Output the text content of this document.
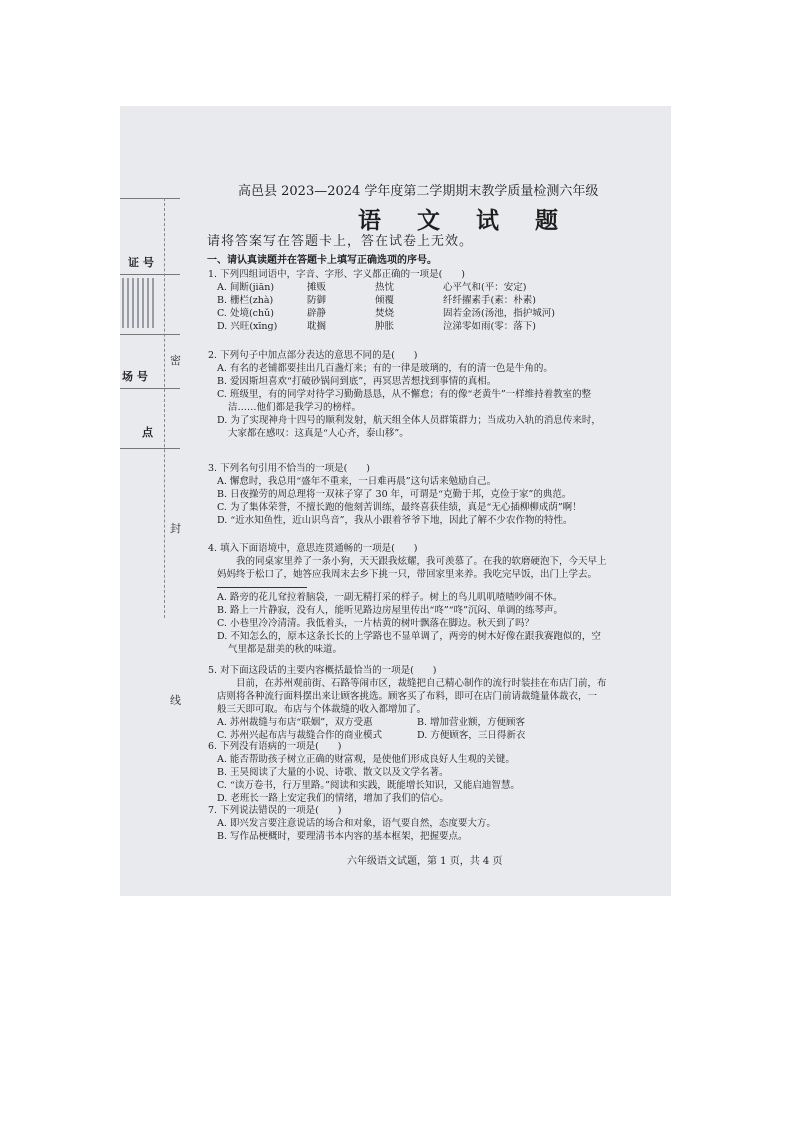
证 号
场 号
点
密
封
线
高邑县 2023—2024 学年度第二学期期末教学质量检测六年级
语 文 试 题
请将答案写在答题卡上，答在试卷上无效。
一、请认真读题并在答题卡上填写正确选项的序号。
1. 下列四组词语中，字音、字形、字义都正确的一项是(　　)
A. 间断(jiān)	摊贩	热忱	心平气和(平：安定)
B. 栅栏(zhà)	防御	倾覆	纤纤擢素手(素：朴素)
C. 处境(chǔ)	辟静	焚烧	固若金汤(汤池，指护城河)
D. 兴旺(xīng)	耽搁	肿胀	泣涕零如雨(零：落下)
2. 下列句子中加点部分表达的意思不同的是(　　)
A. 有名的老铺都要挂出几百盏灯来；有的一律是玻璃的，有的清一色是牛角的。
B. 爱因斯坦喜欢“打破砂锅问到底”，再冥思苦想找到事情的真相。
C. 班级里，有的同学对待学习勤勤恳恳，从不懈怠；有的像“老黄牛”一样维持着教室的整
洁……他们都是我学习的榜样。
D. 为了实现神舟十四号的顺利发射，航天组全体人员群策群力；当成功入轨的消息传来时，
大家都在感叹：这真是“人心齐，泰山移”。
3. 下列名句引用不恰当的一项是(　　)
A. 懈怠时，我总用“盛年不重来，一日难再晨”这句话来勉励自己。
B. 日夜操劳的周总理将一双袜子穿了 30 年，可谓是“克勤于邦，克俭于家”的典范。
C. 为了集体荣誉，不擅长跑的他刻苦训练，最终喜获佳绩，真是“无心插柳柳成荫”啊！
D. “近水知鱼性，近山识鸟音”，我从小跟着爷爷下地，因此了解不少农作物的特性。
4. 填入下面语境中，意思连贯通畅的一项是(　　)
我的同桌家里养了一条小狗，天天跟我炫耀，我可羡慕了。在我的软磨硬泡下，今天早上
妈妈终于松口了，她答应我周末去乡下挑一只，带回家里来养。我吃完早饭，出门上学去。
A. 路旁的花儿耷拉着脑袋，一副无精打采的样子。树上的鸟儿叽叽喳喳吵闹不休。
B. 路上一片静寂，没有人，能听见路边房屋里传出“咚”“咚”沉闷、单调的练琴声。
C. 小巷里冷冷清清。我低着头，一片枯黄的树叶飘落在脚边。秋天到了吗？
D. 不知怎么的，原本这条长长的上学路也不显单调了，两旁的树木好像在跟我赛跑似的，空
气里都是甜美的秋的味道。
5. 对下面这段话的主要内容概括最恰当的一项是(　　)
目前，在苏州观前街、石路等闹市区，裁缝把自己精心制作的流行时装挂在布店门前，布
店则将各种流行面料摆出来让顾客挑选。顾客买了布料，即可在店门前请裁缝量体裁衣，一
般三天即可取。布店与个体裁缝的收入都增加了。
A. 苏州裁缝与布店“联姻”，双方受惠	B. 增加营业额，方便顾客
C. 苏州兴起布店与裁缝合作的商业模式	D. 方便顾客，三日得新衣
6. 下列没有语病的一项是(　　)
A. 能否帮助孩子树立正确的财富观，是使他们形成良好人生观的关键。
B. 王昊阅读了大量的小说、诗歌、散文以及文学名著。
C. “读万卷书，行万里路。”阅读和实践，既能增长知识，又能启迪智慧。
D. 老班长一路上安定我们的情绪，增加了我们的信心。
7. 下列说法错误的一项是(　　)
A. 即兴发言要注意说话的场合和对象，语气要自然，态度要大方。
B. 写作品梗概时，要理清书本内容的基本框架，把握要点。
六年级语文试题，第 1 页，共 4 页
